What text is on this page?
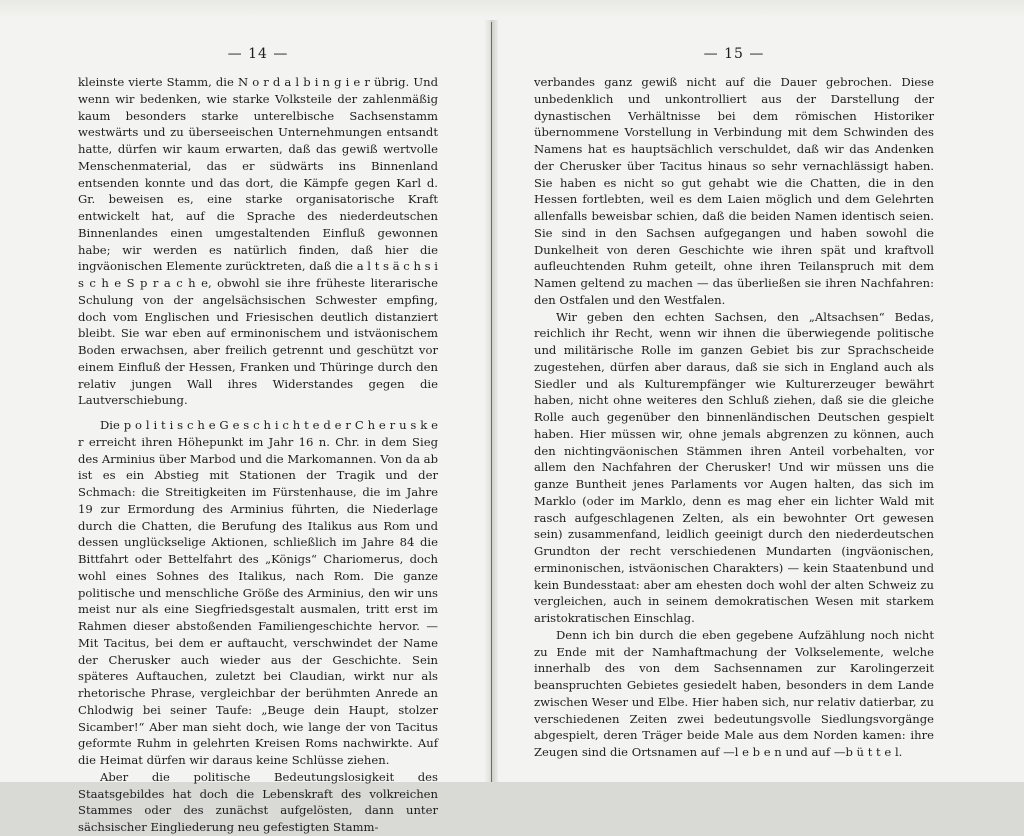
— 14 —

kleinste vierte Stamm, die N o r d a l b i n g i e r übrig. Und wenn wir bedenken, wie starke Volksteile der zahlenmäßig kaum besonders starke unterelbische Sachsenstamm westwärts und zu überseeischen Unternehmungen entsandt hatte, dürfen wir kaum erwarten, daß das gewiß wertvolle Menschenmaterial, das er südwärts ins Binnenland entsenden konnte und das dort, die Kämpfe gegen Karl d. Gr. beweisen es, eine starke organisatorische Kraft entwickelt hat, auf die Sprache des niederdeutschen Binnenlandes einen umgestaltenden Einfluß gewonnen habe; wir werden es natürlich finden, daß hier die ingväonischen Elemente zurücktreten, daß die a l t s ä c h s i s c h e S p r a c h e, obwohl sie ihre früheste literarische Schulung von der angelsächsischen Schwester empfing, doch vom Englischen und Friesischen deutlich distanziert bleibt. Sie war eben auf erminonischem und istväonischem Boden erwachsen, aber freilich getrennt und geschützt vor einem Einfluß der Hessen, Franken und Thüringe durch den relativ jungen Wall ihres Widerstandes gegen die Lautverschiebung.

Die p o l i t i s c h e G e s c h i c h t e d e r C h e r u s k e r erreicht ihren Höhepunkt im Jahr 16 n. Chr. in dem Sieg des Arminius über Marbod und die Markomannen. Von da ab ist es ein Abstieg mit Stationen der Tragik und der Schmach: die Streitigkeiten im Fürstenhause, die im Jahre 19 zur Ermordung des Arminius führten, die Niederlage durch die Chatten, die Berufung des Italikus aus Rom und dessen unglückselige Aktionen, schließlich im Jahre 84 die Bittfahrt oder Bettelfahrt des „Königs“ Chariomerus, doch wohl eines Sohnes des Italikus, nach Rom. Die ganze politische und menschliche Größe des Arminius, den wir uns meist nur als eine Siegfriedsgestalt ausmalen, tritt erst im Rahmen dieser abstoßenden Familiengeschichte hervor. — Mit Tacitus, bei dem er auftaucht, verschwindet der Name der Cherusker auch wieder aus der Geschichte. Sein späteres Auftauchen, zuletzt bei Claudian, wirkt nur als rhetorische Phrase, vergleichbar der berühmten Anrede an Chlodwig bei seiner Taufe: „Beuge dein Haupt, stolzer Sicamber!“ Aber man sieht doch, wie lange der von Tacitus geformte Ruhm in gelehrten Kreisen Roms nachwirkte. Auf die Heimat dürfen wir daraus keine Schlüsse ziehen.

Aber die politische Bedeutungslosigkeit des Staatsgebildes hat doch die Lebenskraft des volkreichen Stammes oder des zunächst aufgelösten, dann unter sächsischer Eingliederung neu gefestigten Stamm-

— 15 —

verbandes ganz gewiß nicht auf die Dauer gebrochen. Diese unbedenklich und unkontrolliert aus der Darstellung der dynastischen Verhältnisse bei dem römischen Historiker übernommene Vorstellung in Verbindung mit dem Schwinden des Namens hat es hauptsächlich verschuldet, daß wir das Andenken der Cherusker über Tacitus hinaus so sehr vernachlässigt haben. Sie haben es nicht so gut gehabt wie die Chatten, die in den Hessen fortlebten, weil es dem Laien möglich und dem Gelehrten allenfalls beweisbar schien, daß die beiden Namen identisch seien. Sie sind in den Sachsen aufgegangen und haben sowohl die Dunkelheit von deren Geschichte wie ihren spät und kraftvoll aufleuchtenden Ruhm geteilt, ohne ihren Teilanspruch mit dem Namen geltend zu machen — das überließen sie ihren Nachfahren: den Ostfalen und den Westfalen.

Wir geben den echten Sachsen, den „Altsachsen“ Bedas, reichlich ihr Recht, wenn wir ihnen die überwiegende politische und militärische Rolle im ganzen Gebiet bis zur Sprachscheide zugestehen, dürfen aber daraus, daß sie sich in England auch als Siedler und als Kulturempfänger wie Kulturerzeuger bewährt haben, nicht ohne weiteres den Schluß ziehen, daß sie die gleiche Rolle auch gegenüber den binnenländischen Deutschen gespielt haben. Hier müssen wir, ohne jemals abgrenzen zu können, auch den nichtingväonischen Stämmen ihren Anteil vorbehalten, vor allem den Nachfahren der Cherusker! Und wir müssen uns die ganze Buntheit jenes Parlaments vor Augen halten, das sich im Marklo (oder im Marklo, denn es mag eher ein lichter Wald mit rasch aufgeschlagenen Zelten, als ein bewohnter Ort gewesen sein) zusammenfand, leidlich geeinigt durch den niederdeutschen Grundton der recht verschiedenen Mundarten (ingväonischen, erminonischen, istväonischen Charakters) — kein Staatenbund und kein Bundesstaat: aber am ehesten doch wohl der alten Schweiz zu vergleichen, auch in seinem demokratischen Wesen mit starkem aristokratischen Einschlag.

Denn ich bin durch die eben gegebene Aufzählung noch nicht zu Ende mit der Namhaftmachung der Volkselemente, welche innerhalb des von dem Sachsennamen zur Karolingerzeit beanspruchten Gebietes gesiedelt haben, besonders in dem Lande zwischen Weser und Elbe. Hier haben sich, nur relativ datierbar, zu verschiedenen Zeiten zwei bedeutungsvolle Siedlungsvorgänge abgespielt, deren Träger beide Male aus dem Norden kamen: ihre Zeugen sind die Ortsnamen auf —l e b e n und auf —b ü t t e l.
